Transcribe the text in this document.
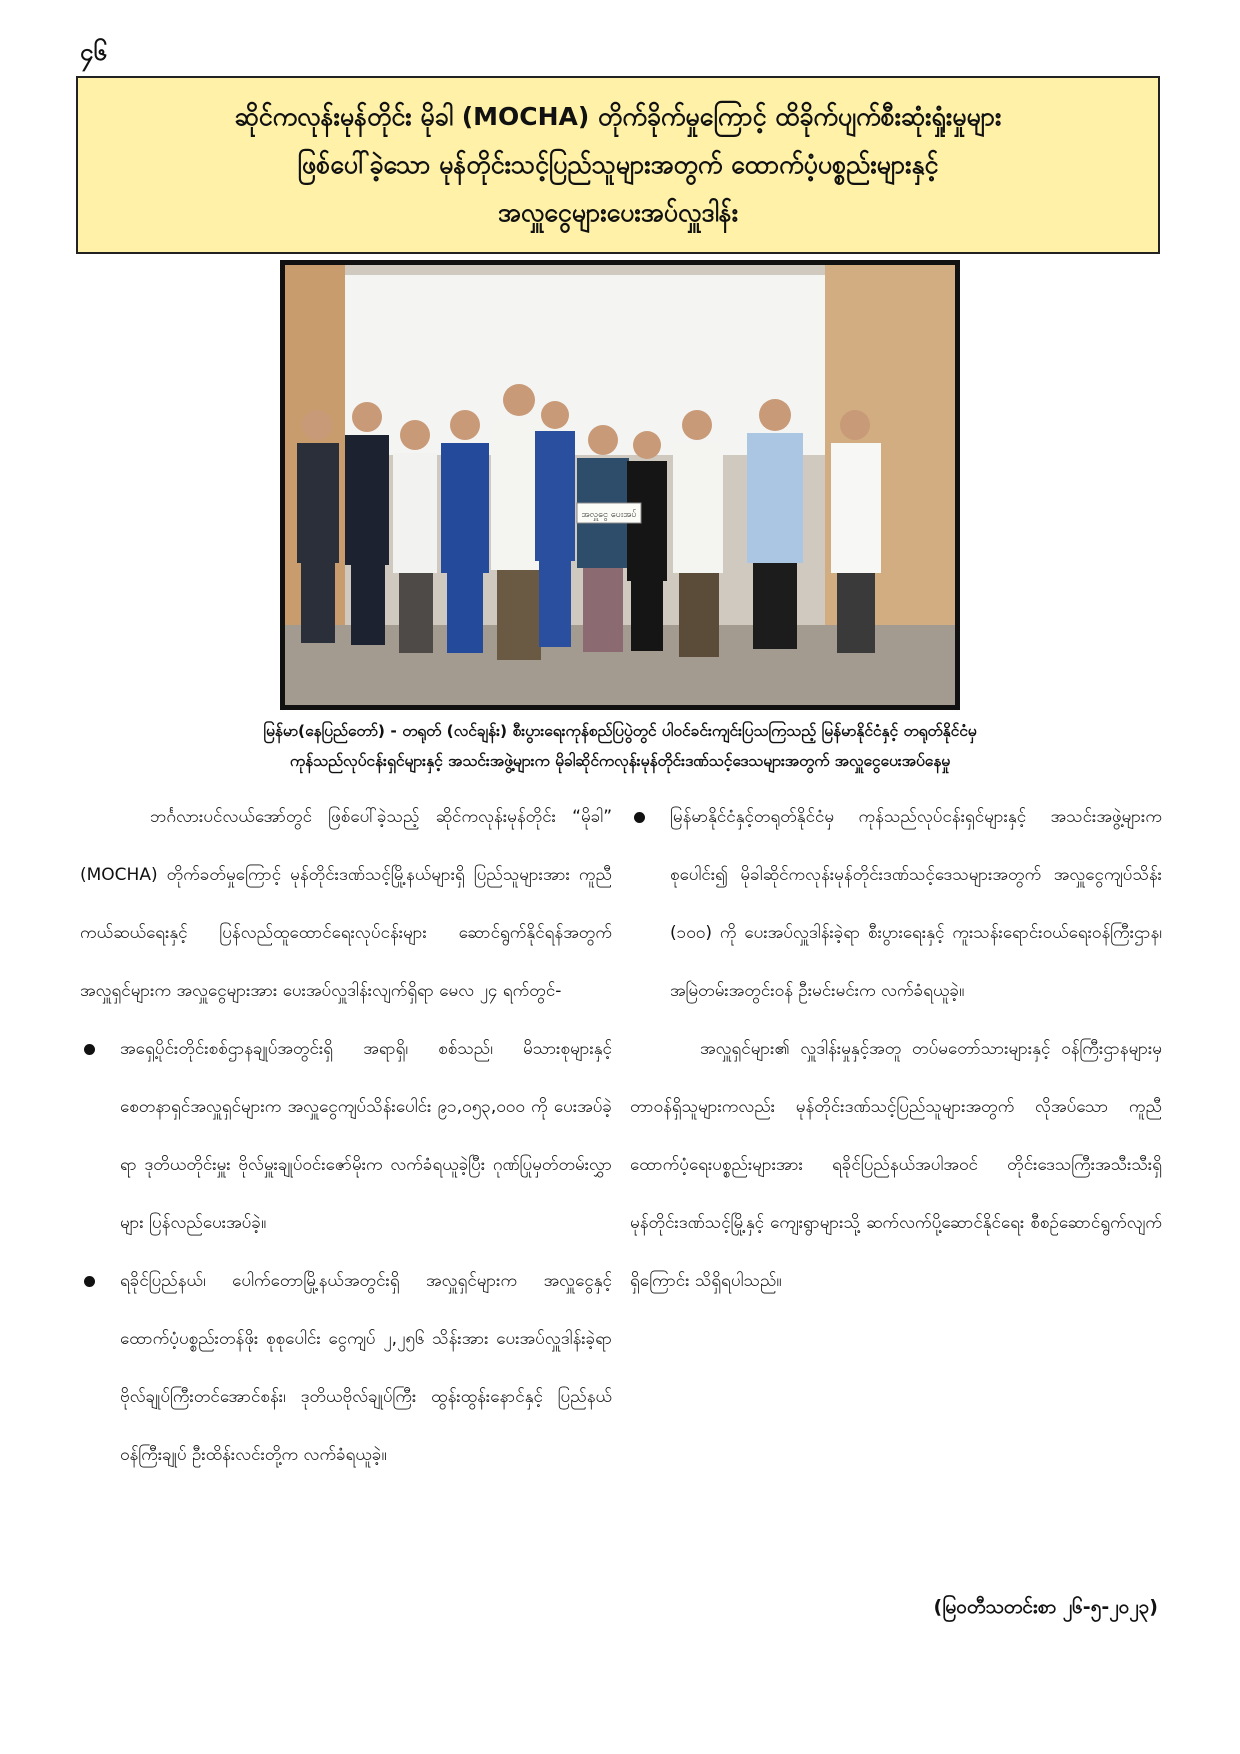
၄၆
ဆိုင်ကလုန်းမုန်တိုင်း မိုခါ (MOCHA) တိုက်ခိုက်မှုကြောင့် ထိခိုက်ပျက်စီးဆုံးရှုံးမှုများ
ဖြစ်ပေါ်ခဲ့သော မုန်တိုင်းသင့်ပြည်သူများအတွက် ထောက်ပံ့ပစ္စည်းများနှင့်
အလှူငွေများပေးအပ်လှူဒါန်း
အလှူငွေ ပေးအပ်
မြန်မာ(နေပြည်တော်) - တရုတ် (လင်ချန်း) စီးပွားရေးကုန်စည်ပြပွဲတွင် ပါဝင်ခင်းကျင်းပြသကြသည့် မြန်မာနိုင်ငံနှင့် တရုတ်နိုင်ငံမှ
ကုန်သည်လုပ်ငန်းရှင်များနှင့် အသင်းအဖွဲ့များက မိုခါဆိုင်ကလုန်းမုန်တိုင်းဒဏ်သင့်ဒေသများအတွက် အလှူငွေပေးအပ်နေမှု

ဘင်္ဂလားပင်လယ်အော်တွင် ဖြစ်ပေါ်ခဲ့သည့် ဆိုင်ကလုန်းမုန်တိုင်း “မိုခါ” (MOCHA) တိုက်ခတ်မှုကြောင့် မုန်တိုင်းဒဏ်သင့်မြို့နယ်များရှိ ပြည်သူများအား ကူညီကယ်ဆယ်ရေးနှင့် ပြန်လည်ထူထောင်ရေးလုပ်ငန်းများ ဆောင်ရွက်နိုင်ရန်အတွက် အလှူရှင်များက အလှူငွေများအား ပေးအပ်လှူဒါန်းလျက်ရှိရာ မေလ ၂၄ ရက်တွင်-

အရှေ့ပိုင်းတိုင်းစစ်ဌာနချုပ်အတွင်းရှိ အရာရှိ၊ စစ်သည်၊ မိသားစုများနှင့် စေတနာရှင်အလှူရှင်များက အလှူငွေကျပ်သိန်းပေါင်း ၉၁,၀၅၃,၀၀၀ ကို ပေးအပ်ခဲ့ရာ ဒုတိယတိုင်းမှူး ဗိုလ်မှူးချုပ်ဝင်းဇော်မိုးက လက်ခံရယူခဲ့ပြီး ဂုဏ်ပြုမှတ်တမ်းလွှာများ ပြန်လည်ပေးအပ်ခဲ့။
ရခိုင်ပြည်နယ်၊ ပေါက်တောမြို့နယ်အတွင်းရှိ အလှူရှင်များက အလှူငွေနှင့် ထောက်ပံ့ပစ္စည်းတန်ဖိုး စုစုပေါင်း ငွေကျပ် ၂,၂၅၆ သိန်းအား ပေးအပ်လှူဒါန်းခဲ့ရာ ဗိုလ်ချုပ်ကြီးတင်အောင်စန်း၊ ဒုတိယဗိုလ်ချုပ်ကြီး ထွန်းထွန်းနောင်နှင့် ပြည်နယ်ဝန်ကြီးချုပ် ဦးထိန်းလင်းတို့က လက်ခံရယူခဲ့။
မြန်မာနိုင်ငံနှင့်တရုတ်နိုင်ငံမှ ကုန်သည်လုပ်ငန်းရှင်များနှင့် အသင်းအဖွဲ့များက စုပေါင်း၍ မိုခါဆိုင်ကလုန်းမုန်တိုင်းဒဏ်သင့်ဒေသများအတွက် အလှူငွေကျပ်သိန်း (၁၀၀) ကို ပေးအပ်လှူဒါန်းခဲ့ရာ စီးပွားရေးနှင့် ကူးသန်းရောင်းဝယ်ရေးဝန်ကြီးဌာန၊ အမြဲတမ်းအတွင်းဝန် ဦးမင်းမင်းက လက်ခံရယူခဲ့။

အလှူရှင်များ၏ လှူဒါန်းမှုနှင့်အတူ တပ်မတော်သားများနှင့် ဝန်ကြီးဌာနများမှ တာဝန်ရှိသူများကလည်း မုန်တိုင်းဒဏ်သင့်ပြည်သူများအတွက် လိုအပ်သော ကူညီထောက်ပံ့ရေးပစ္စည်းများအား ရခိုင်ပြည်နယ်အပါအဝင် တိုင်းဒေသကြီးအသီးသီးရှိ မုန်တိုင်းဒဏ်သင့်မြို့နှင့် ကျေးရွာများသို့ ဆက်လက်ပို့ဆောင်နိုင်ရေး စီစဉ်ဆောင်ရွက်လျက်ရှိကြောင်း သိရှိရပါသည်။

(မြဝတီသတင်းစာ ၂၆-၅-၂၀၂၃)
